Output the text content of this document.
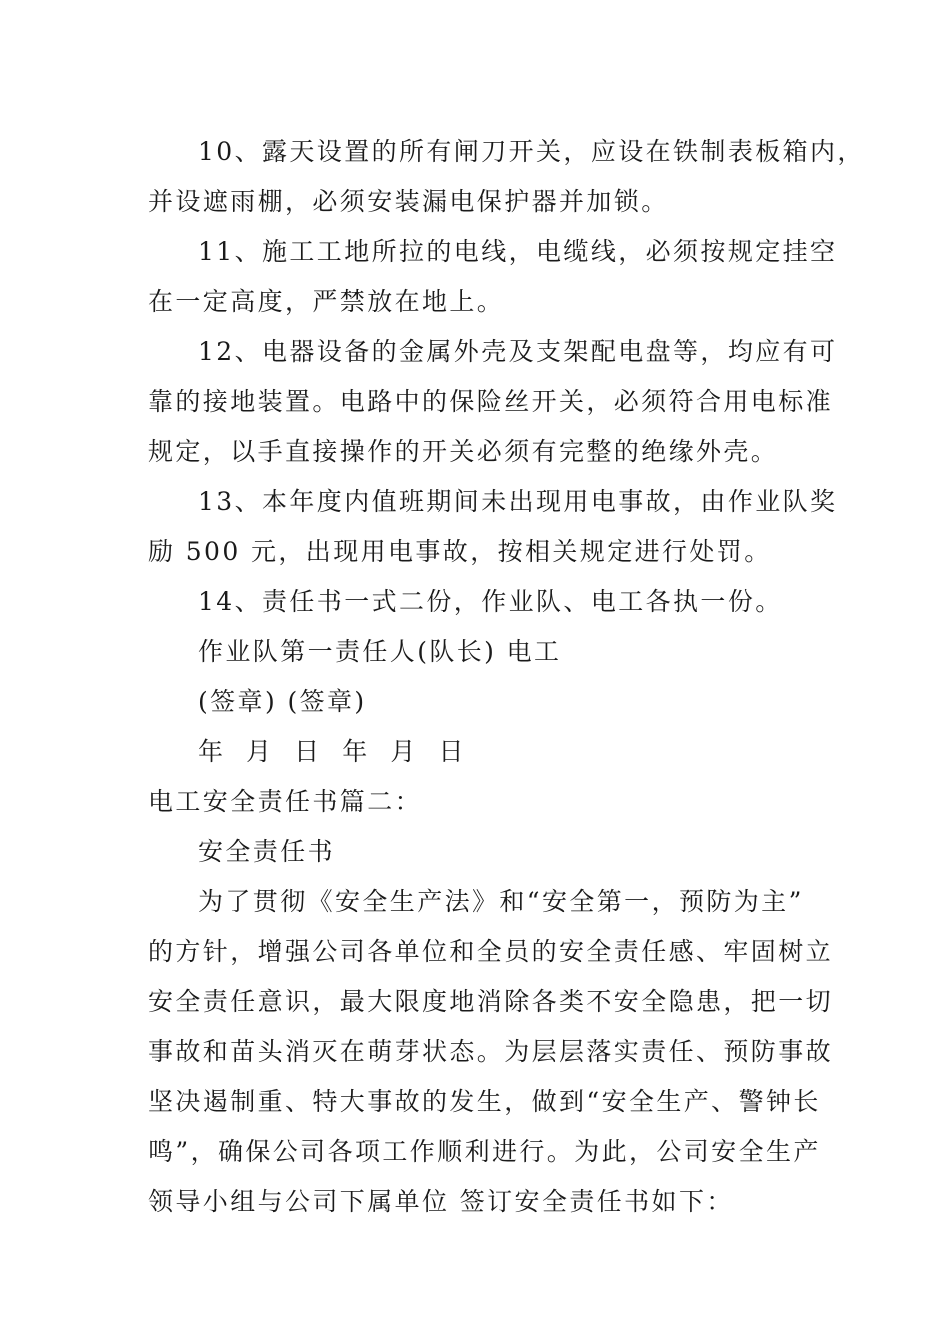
10、露天设置的所有闸刀开关，应设在铁制表板箱内，
并设遮雨棚，必须安装漏电保护器并加锁。
11、施工工地所拉的电线，电缆线，必须按规定挂空
在一定高度，严禁放在地上。
12、电器设备的金属外壳及支架配电盘等，均应有可
靠的接地装置。电路中的保险丝开关，必须符合用电标准
规定，以手直接操作的开关必须有完整的绝缘外壳。
13、本年度内值班期间未出现用电事故，由作业队奖
励 500 元，出现用电事故，按相关规定进行处罚。
14、责任书一式二份，作业队、电工各执一份。
作业队第一责任人(队长) 电工
(签章) (签章)
年  月  日  年  月  日
电工安全责任书篇二：
安全责任书
为了贯彻《安全生产法》和“安全第一，预防为主”
的方针，增强公司各单位和全员的安全责任感、牢固树立
安全责任意识，最大限度地消除各类不安全隐患，把一切
事故和苗头消灭在萌芽状态。为层层落实责任、预防事故
坚决遏制重、特大事故的发生，做到“安全生产、警钟长
鸣”，确保公司各项工作顺利进行。为此，公司安全生产
领导小组与公司下属单位 签订安全责任书如下：
